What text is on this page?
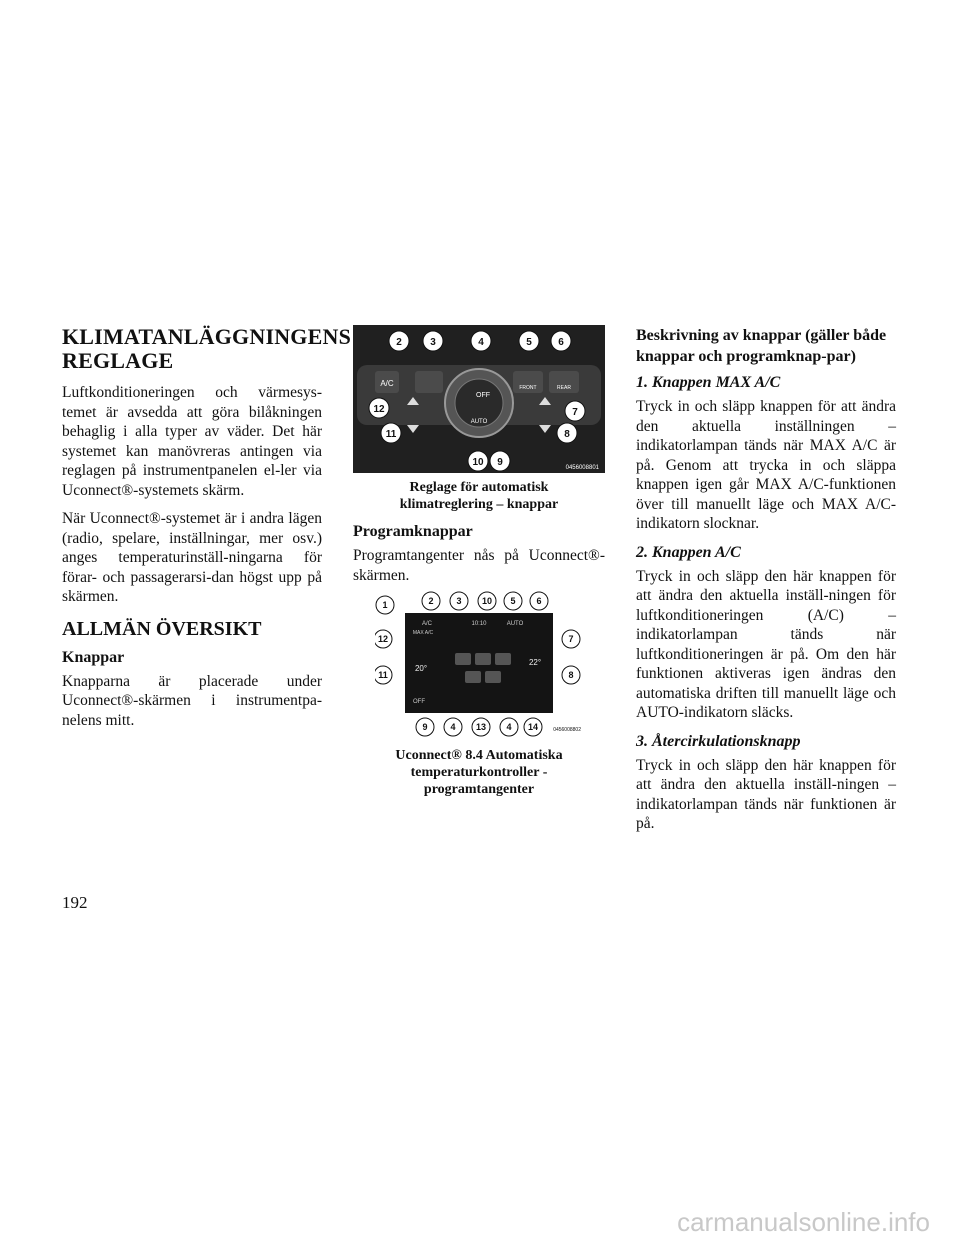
KLIMATANLÄGGNINGENS
REGLAGE

Luftkonditioneringen och värmesys-temet är avsedda att göra bilåkningen behaglig i alla typer av väder. Det här systemet kan manövreras antingen via reglagen på instrumentpanelen el-ler via Uconnect®-systemets skärm.

När Uconnect®-systemet är i andra lägen (radio, spelare, inställningar, mer osv.) anges temperaturinställ-ningarna för förar- och passagerarsi-dan högst upp på skärmen.

ALLMÄN ÖVERSIKT
Knappar

Knapparna är placerade under Uconnect®-skärmen i instrumentpa-nelens mitt.

A/C	FRONT	REAR
OFF
AUTO
2	3	4	5	6
12	7
11	8
10 9	0456008801
Reglage för automatisk
klimatreglering – knappar
Programknappar

Programtangenter nås på Uconnect®-skärmen.

A/C	10:10	AUTO
20°
22°
OFF
MAX A/C
1	2	3 10 5 6
12	7
11	8
9	4 13 4 14	0456008802
Uconnect® 8.4 Automatiska
temperaturkontroller -
programtangenter
Beskrivning av knappar (gäller både knappar och programknap-par)
1. Knappen MAX A/C

Tryck in och släpp knappen för att ändra den aktuella inställningen – indikatorlampan tänds när MAX A/C är på. Genom att trycka in och släppa knappen igen går MAX A/C-funktionen över till manuellt läge och MAX A/C-indikatorn slocknar.

2. Knappen A/C

Tryck in och släpp den här knappen för att ändra den aktuella inställ-ningen för luftkonditioneringen (A/C) – indikatorlampan tänds när luftkonditioneringen är på. Om den här funktionen aktiveras igen ändras den automatiska driften till manuellt läge och AUTO-indikatorn släcks.

3. Återcirkulationsknapp

Tryck in och släpp den här knappen för att ändra den aktuella inställ-ningen – indikatorlampan tänds när funktionen är på.

192
carmanualsonline.info
